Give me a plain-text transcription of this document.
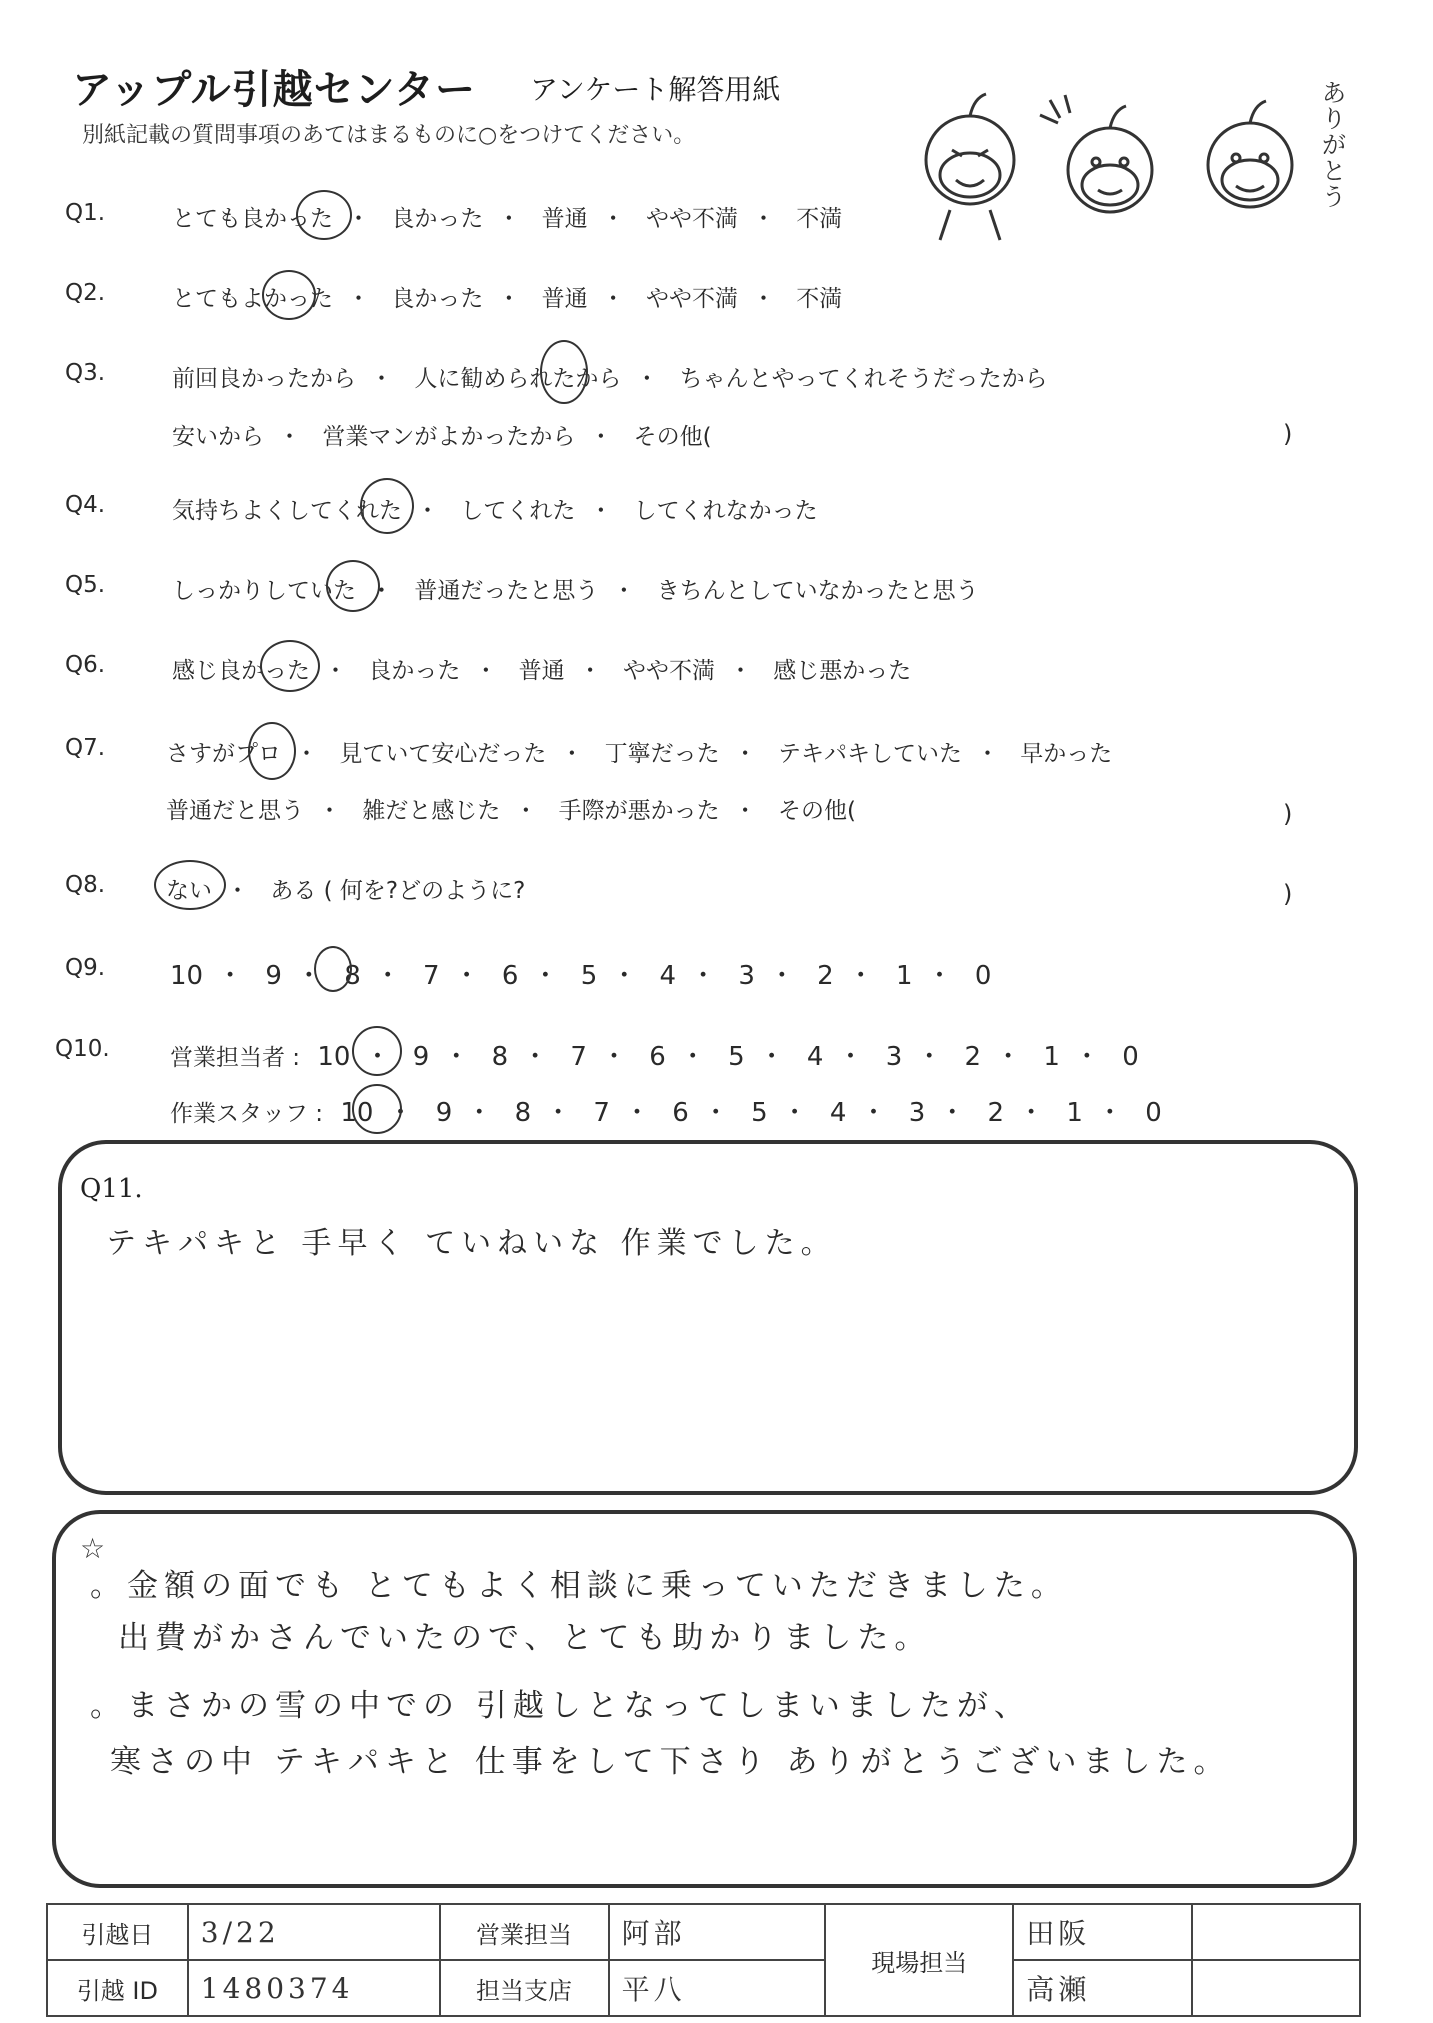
アップル引越センター アンケート解答用紙
別紙記載の質問事項のあてはまるものに○をつけてください。
ありがとう
Q1.	とても良かった ・ 良かった ・ 普通 ・ やや不満 ・ 不満
Q2.	とてもよかった ・ 良かった ・ 普通 ・ やや不満 ・ 不満
Q3.	前回良かったから ・ 人に勧められたから ・ ちゃんとやってくれそうだったから
安いから ・ 営業マンがよかったから ・ その他(	)
Q4.	気持ちよくしてくれた ・ してくれた ・ してくれなかった
Q5.	しっかりしていた ・ 普通だったと思う ・ きちんとしていなかったと思う
Q6.	感じ良かった ・ 良かった ・ 普通 ・ やや不満 ・ 感じ悪かった
Q7.	さすがプロ ・ 見ていて安心だった ・ 丁寧だった ・ テキパキしていた ・ 早かった
普通だと思う ・ 雑だと感じた ・ 手際が悪かった ・ その他(	)
Q8.	ない ・ ある ( 何を?どのように?	)
Q9. 10 ・ 9 ・ 8 ・ 7 ・ 6 ・ 5 ・ 4 ・ 3 ・ 2 ・ 1 ・ 0
Q10.	営業担当者 : 10 ・ 9 ・ 8 ・ 7 ・ 6 ・ 5 ・ 4 ・ 3 ・ 2 ・ 1 ・ 0
作業スタッフ : 10 ・ 9 ・ 8 ・ 7 ・ 6 ・ 5 ・ 4 ・ 3 ・ 2 ・ 1 ・ 0
Q11.
テキパキと 手早く ていねいな 作業でした。
☆
。金額の面でも とてもよく相談に乗っていただきました。
出費がかさんでいたので、とても助かりました。
。まさかの雪の中での 引越しとなってしまいましたが、
寒さの中 テキパキと 仕事をして下さり ありがとうございました。
引越日	3/22	営業担当	阿部	現場担当	田阪	
引越 ID	1480374	担当支店	平八		高瀬	
